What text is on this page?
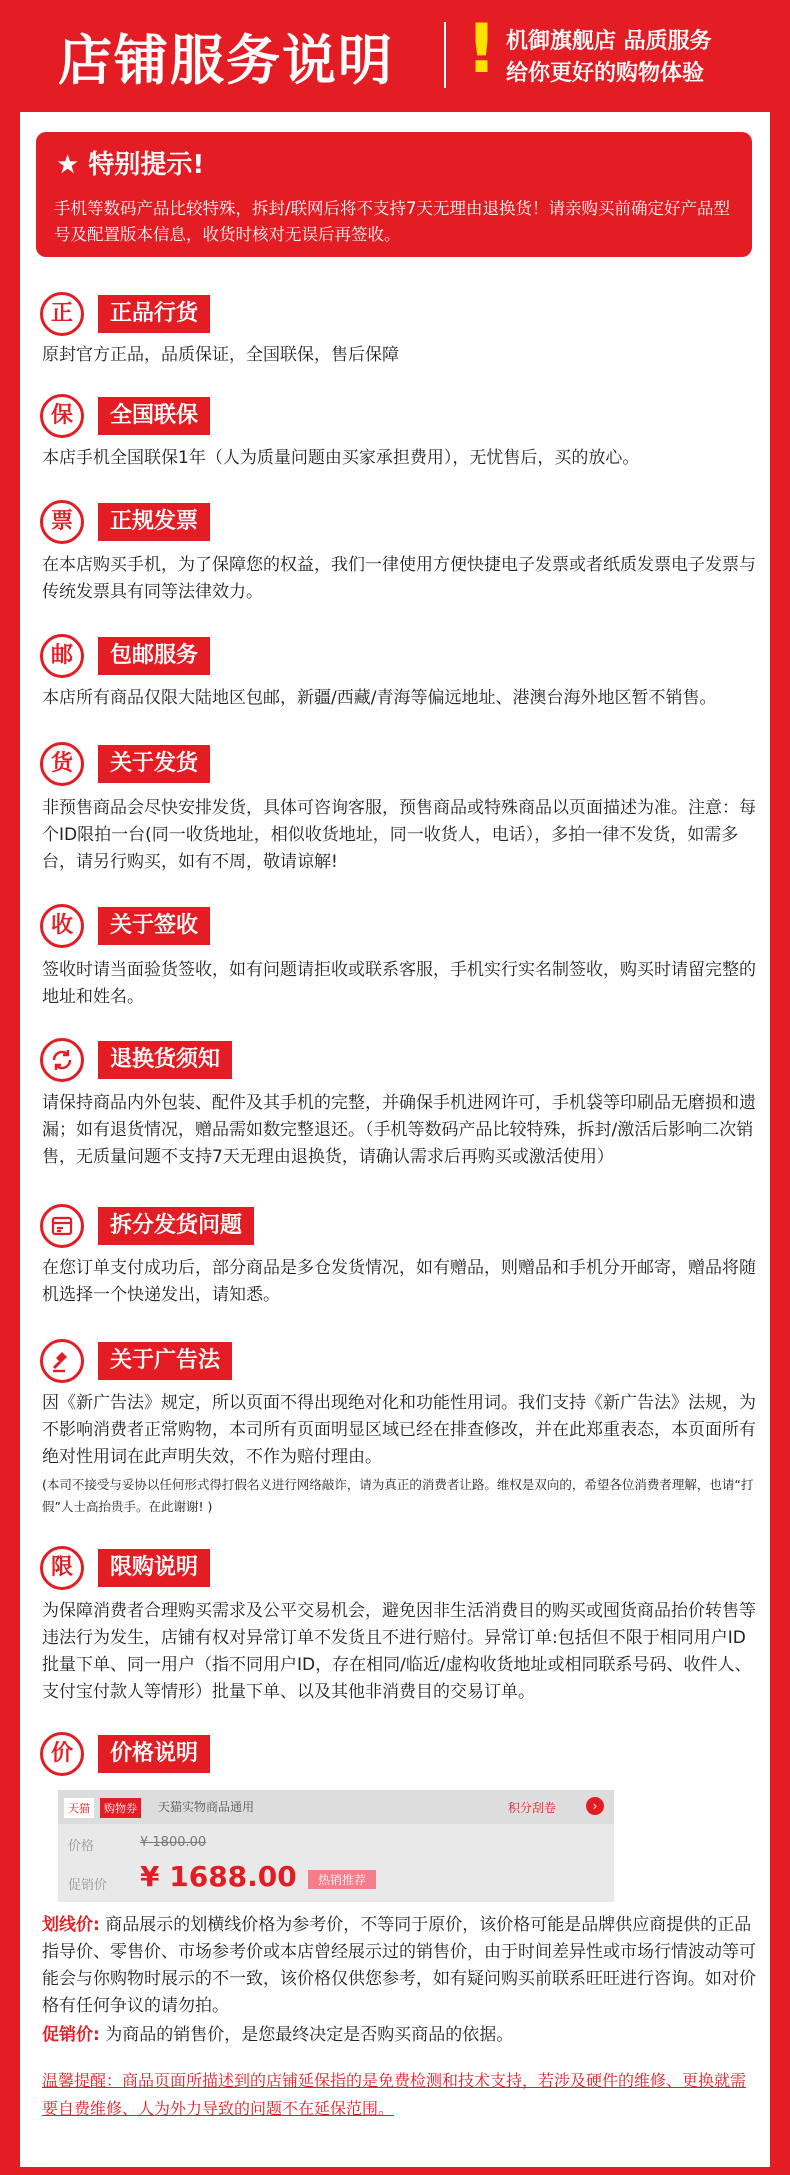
店铺服务说明 ! 机御旗舰店 品质服务
给你更好的购物体验
★ 特别提示!
手机等数码产品比较特殊，拆封/联网后将不支持7天无理由退换货！请亲购买前确定好产品型号及配置版本信息，收货时核对无误后再签收。
正	正品行货
原封官方正品，品质保证，全国联保，售后保障
保	全国联保
本店手机全国联保1年（人为质量问题由买家承担费用），无忧售后，买的放心。
票	正规发票
在本店购买手机，为了保障您的权益，我们一律使用方便快捷电子发票或者纸质发票电子发票与传统发票具有同等法律效力。
邮	包邮服务
本店所有商品仅限大陆地区包邮，新疆/西藏/青海等偏远地址、港澳台海外地区暂不销售。
货	关于发货
非预售商品会尽快安排发货，具体可咨询客服，预售商品或特殊商品以页面描述为准。注意：每个ID限拍一台(同一收货地址，相似收货地址，同一收货人，电话），多拍一律不发货，如需多台，请另行购买，如有不周，敬请谅解!
收	关于签收
签收时请当面验货签收，如有问题请拒收或联系客服，手机实行实名制签收，购买时请留完整的地址和姓名。
退换货须知
请保持商品内外包装、配件及其手机的完整，并确保手机进网许可，手机袋等印刷品无磨损和遗漏；如有退货情况，赠品需如数完整退还。（手机等数码产品比较特殊，拆封/激活后影响二次销售，无质量问题不支持7天无理由退换货，请确认需求后再购买或激活使用）
拆分发货问题
在您订单支付成功后，部分商品是多仓发货情况，如有赠品，则赠品和手机分开邮寄，赠品将随机选择一个快递发出，请知悉。
关于广告法
因《新广告法》规定，所以页面不得出现绝对化和功能性用词。我们支持《新广告法》法规，为不影响消费者正常购物，本司所有页面明显区域已经在排查修改，并在此郑重表态，本页面所有绝对性用词在此声明失效，不作为赔付理由。
(本司不接受与妥协以任何形式得打假名义进行网络敲诈，请为真正的消费者让路。维权是双向的，希望各位消费者理解，也请“打假”人士高抬贵手。在此谢谢! )
限	限购说明
为保障消费者合理购买需求及公平交易机会，避免因非生活消费目的购买或囤货商品抬价转售等违法行为发生，店铺有权对异常订单不发货且不进行赔付。异常订单:包括但不限于相同用户ID批量下单、同一用户（指不同用户ID，存在相同/临近/虚构收货地址或相同联系号码、收件人、支付宝付款人等情形）批量下单、以及其他非消费目的交易订单。
价	价格说明
天猫	购物券	天猫实物商品通用	积分刮卷	›
价格	¥ 1800.00
促销价 ¥ 1688.00	热销推荐
划线价: 商品展示的划横线价格为参考价，不等同于原价，该价格可能是品牌供应商提供的正品指导价、零售价、市场参考价或本店曾经展示过的销售价，由于时间差异性或市场行情波动等可能会与你购物时展示的不一致，该价格仅供您参考，如有疑问购买前联系旺旺进行咨询。如对价格有任何争议的请勿拍。
促销价: 为商品的销售价，是您最终决定是否购买商品的依据。
温馨提醒：商品页面所描述到的店铺延保指的是免费检测和技术支持，若涉及硬件的维修、更换就需要自费维修、人为外力导致的问题不在延保范围。
